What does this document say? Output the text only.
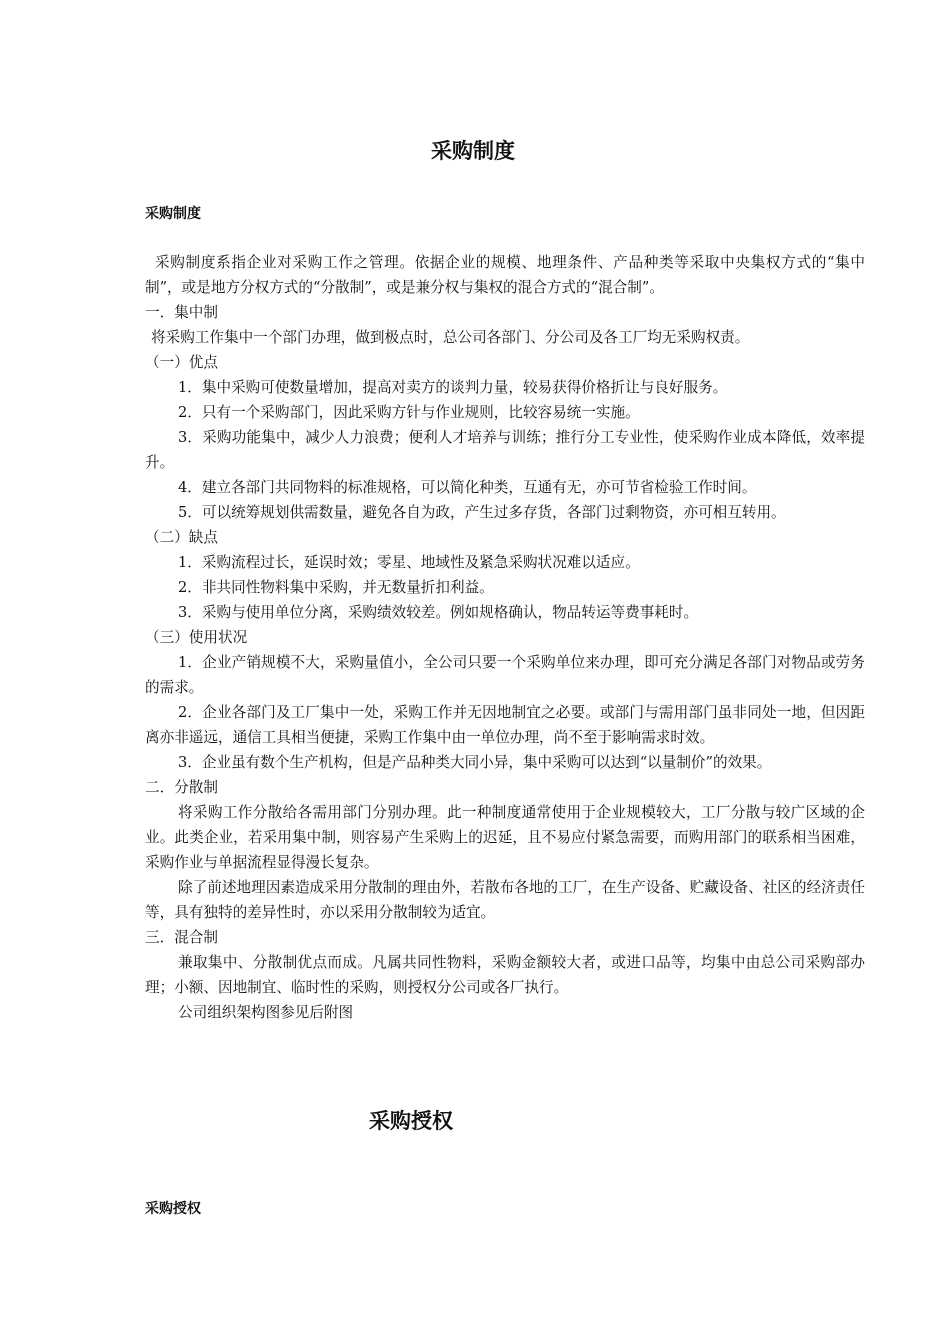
采购制度
采购制度

采购制度系指企业对采购工作之管理。依据企业的规模、地理条件、产品种类等采取中央集权方式的“集中制”，或是地方分权方式的“分散制”，或是兼分权与集权的混合方式的“混合制”。

一．集中制

将采购工作集中一个部门办理，做到极点时，总公司各部门、分公司及各工厂均无采购权责。

（一）优点

1．集中采购可使数量增加，提高对卖方的谈判力量，较易获得价格折让与良好服务。

2．只有一个采购部门，因此采购方针与作业规则，比较容易统一实施。

3．采购功能集中，减少人力浪费；便利人才培养与训练；推行分工专业性，使采购作业成本降低，效率提升。

4．建立各部门共同物料的标准规格，可以简化种类，互通有无，亦可节省检验工作时间。

5．可以统筹规划供需数量，避免各自为政，产生过多存货，各部门过剩物资，亦可相互转用。

（二）缺点

1．采购流程过长，延误时效；零星、地域性及紧急采购状况难以适应。

2．非共同性物料集中采购，并无数量折扣利益。

3．采购与使用单位分离，采购绩效较差。例如规格确认，物品转运等费事耗时。

（三）使用状况

1．企业产销规模不大，采购量值小，全公司只要一个采购单位来办理，即可充分满足各部门对物品或劳务的需求。

2．企业各部门及工厂集中一处，采购工作并无因地制宜之必要。或部门与需用部门虽非同处一地，但因距离亦非遥远，通信工具相当便捷，采购工作集中由一单位办理，尚不至于影响需求时效。

3．企业虽有数个生产机构，但是产品种类大同小异，集中采购可以达到“以量制价”的效果。

二．分散制

将采购工作分散给各需用部门分别办理。此一种制度通常使用于企业规模较大，工厂分散与较广区域的企业。此类企业，若采用集中制，则容易产生采购上的迟延，且不易应付紧急需要，而购用部门的联系相当困难，采购作业与单据流程显得漫长复杂。

除了前述地理因素造成采用分散制的理由外，若散布各地的工厂，在生产设备、贮藏设备、社区的经济责任等，具有独特的差异性时，亦以采用分散制较为适宜。

三．混合制

兼取集中、分散制优点而成。凡属共同性物料，采购金额较大者，或进口品等，均集中由总公司采购部办理；小额、因地制宜、临时性的采购，则授权分公司或各厂执行。

公司组织架构图参见后附图

采购授权
采购授权
